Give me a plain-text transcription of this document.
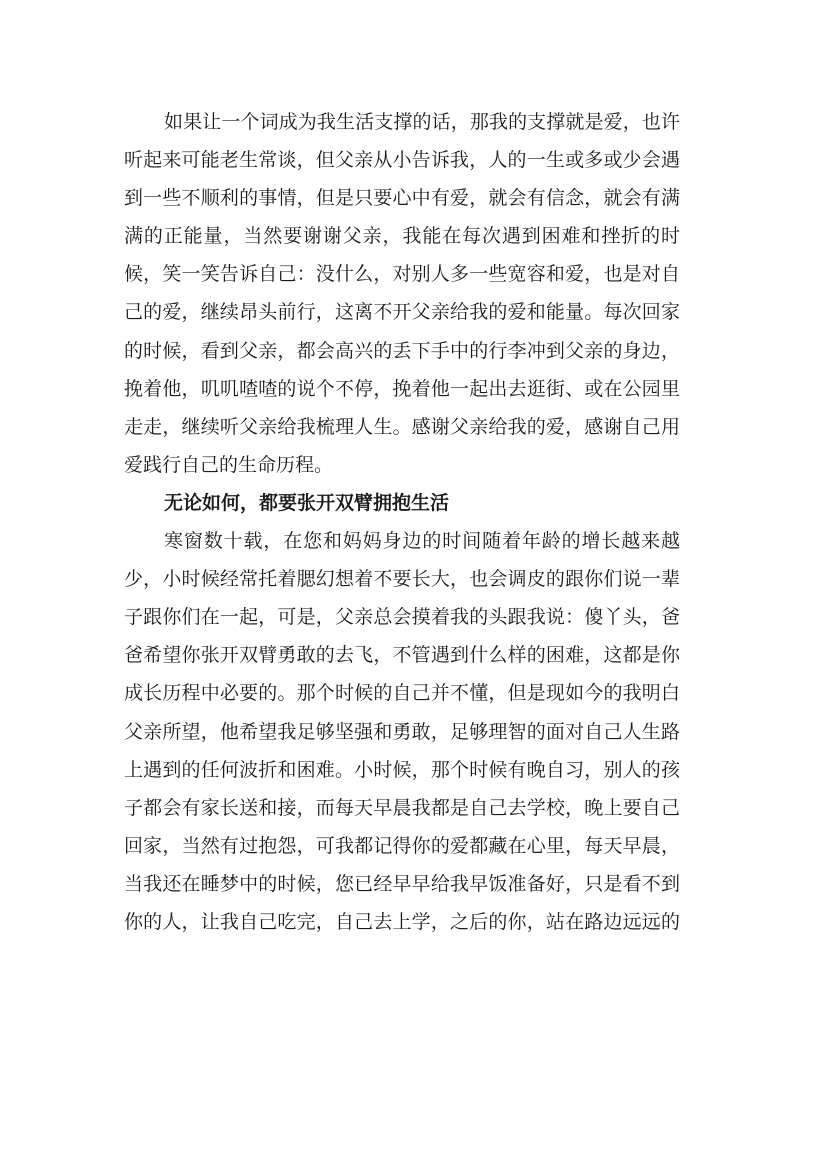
如果让一个词成为我生活支撑的话，那我的支撑就是爱，也许
听起来可能老生常谈，但父亲从小告诉我，人的一生或多或少会遇
到一些不顺利的事情，但是只要心中有爱，就会有信念，就会有满
满的正能量，当然要谢谢父亲，我能在每次遇到困难和挫折的时
候，笑一笑告诉自己：没什么，对别人多一些宽容和爱，也是对自
己的爱，继续昂头前行，这离不开父亲给我的爱和能量。每次回家
的时候，看到父亲，都会高兴的丢下手中的行李冲到父亲的身边，
挽着他，叽叽喳喳的说个不停，挽着他一起出去逛街、或在公园里
走走，继续听父亲给我梳理人生。感谢父亲给我的爱，感谢自己用
爱践行自己的生命历程。
无论如何，都要张开双臂拥抱生活
寒窗数十载，在您和妈妈身边的时间随着年龄的增长越来越
少，小时候经常托着腮幻想着不要长大，也会调皮的跟你们说一辈
子跟你们在一起，可是，父亲总会摸着我的头跟我说：傻丫头，爸
爸希望你张开双臂勇敢的去飞，不管遇到什么样的困难，这都是你
成长历程中必要的。那个时候的自己并不懂，但是现如今的我明白
父亲所望，他希望我足够坚强和勇敢，足够理智的面对自己人生路
上遇到的任何波折和困难。小时候，那个时候有晚自习，别人的孩
子都会有家长送和接，而每天早晨我都是自己去学校，晚上要自己
回家，当然有过抱怨，可我都记得你的爱都藏在心里，每天早晨，
当我还在睡梦中的时候，您已经早早给我早饭准备好，只是看不到
你的人，让我自己吃完，自己去上学，之后的你，站在路边远远的
